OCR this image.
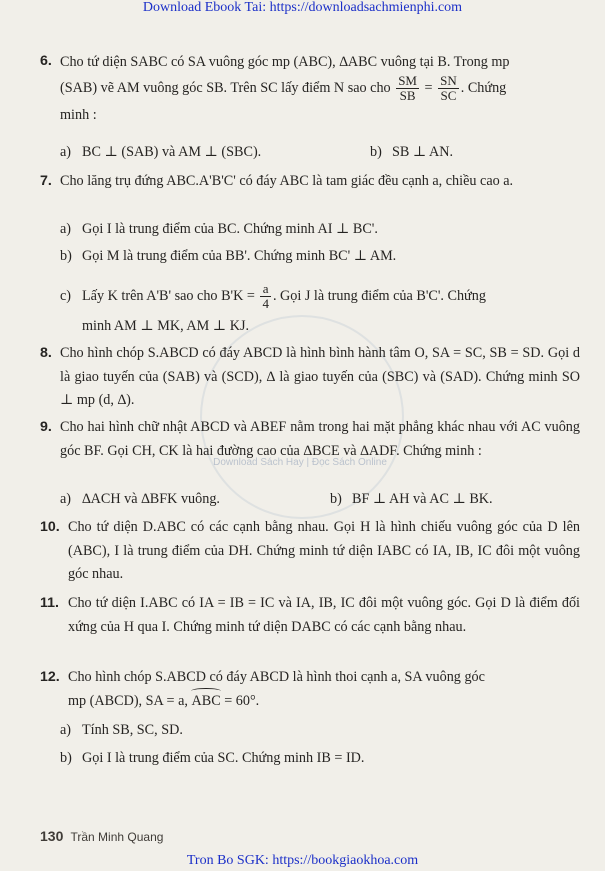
Download Ebook Tai: https://downloadsachmienphi.com
Download Sách Hay | Đọc Sách Online
6. Cho tứ diện SABC có SA vuông góc mp (ABC), ∆ABC vuông tại B. Trong mp
(SAB) vẽ AM vuông góc SB. Trên SC lấy điểm N sao cho $\frac{SM}{SB} = \frac{SN}{SC}$ . Chứng
minh :
a) BC ⊥ (SAB) và AM ⊥ (SBC).	b) SB ⊥ AN.
7. Cho lăng trụ đứng ABC.A'B'C' có đáy ABC là tam giác đều cạnh a, chiều cao a.
a) Gọi I là trung điểm của BC. Chứng minh AI ⊥ BC'.
b) Gọi M là trung điểm của BB'. Chứng minh BC' ⊥ AM.
c) Lấy K trên A'B' sao cho $B'K = \frac{a}{4}$ . Gọi J là trung điểm của B'C'. Chứng
minh AM ⊥ MK, AM ⊥ KJ.
8. Cho hình chóp S.ABCD có đáy ABCD là hình bình hành tâm O, SA = SC, SB = SD. Gọi d là giao tuyến của (SAB) và (SCD), ∆ là giao tuyến của (SBC) và (SAD). Chứng minh SO ⊥ mp (d, ∆).
9. Cho hai hình chữ nhật ABCD và ABEF nằm trong hai mặt phẳng khác nhau với AC vuông góc BF. Gọi CH, CK là hai đường cao của ∆BCE và ∆ADF. Chứng minh :
a) ∆ACH và ∆BFK vuông.	b) BF ⊥ AH và AC ⊥ BK.
10. Cho tứ diện D.ABC có các cạnh bằng nhau. Gọi H là hình chiếu vuông góc của D lên (ABC), I là trung điểm của DH. Chứng minh tứ diện IABC có IA, IB, IC đôi một vuông góc nhau.
11. Cho tứ diện I.ABC có IA = IB = IC và IA, IB, IC đôi một vuông góc. Gọi D là điểm đối xứng của H qua I. Chứng minh tứ diện DABC có các cạnh bằng nhau.
12. Cho hình chóp S.ABCD có đáy ABCD là hình thoi cạnh a, SA vuông góc
mp (ABCD), SA = a, ABC = 60°.
a) Tính SB, SC, SD.
b) Gọi I là trung điểm của SC. Chứng minh IB = ID.
130 Trần Minh Quang
Tron Bo SGK: https://bookgiaokhoa.com
